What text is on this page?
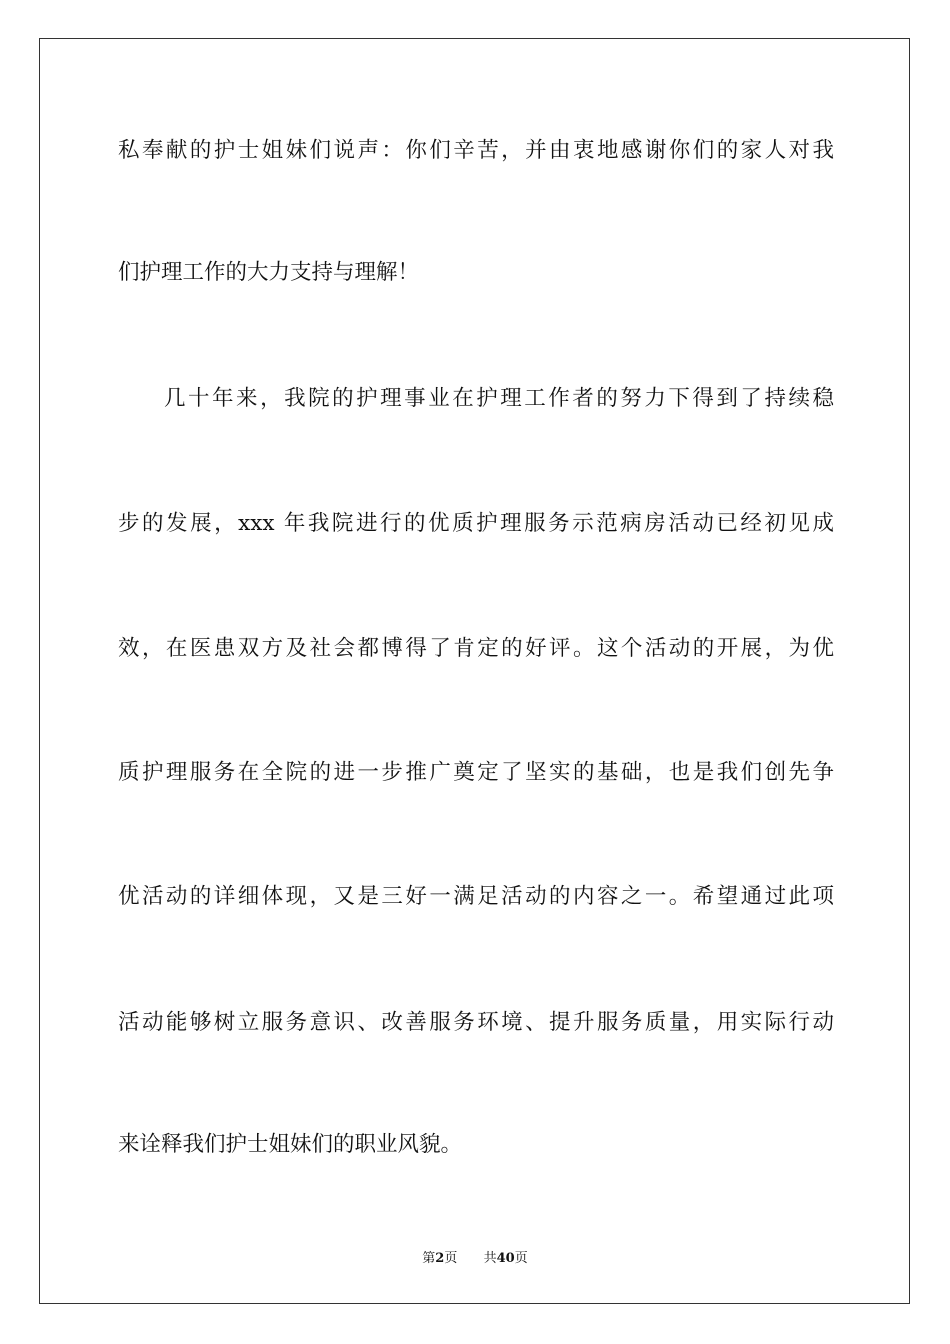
私奉献的护士姐妹们说声：你们辛苦，并由衷地感谢你们的家人对我
们护理工作的大力支持与理解！
几十年来，我院的护理事业在护理工作者的努力下得到了持续稳
步的发展，xxx 年我院进行的优质护理服务示范病房活动已经初见成
效，在医患双方及社会都博得了肯定的好评。这个活动的开展，为优
质护理服务在全院的进一步推广奠定了坚实的基础，也是我们创先争
优活动的详细体现，又是三好一满足活动的内容之一。希望通过此项
活动能够树立服务意识、改善服务环境、提升服务质量，用实际行动
来诠释我们护士姐妹们的职业风貌。
第2页 共40页
